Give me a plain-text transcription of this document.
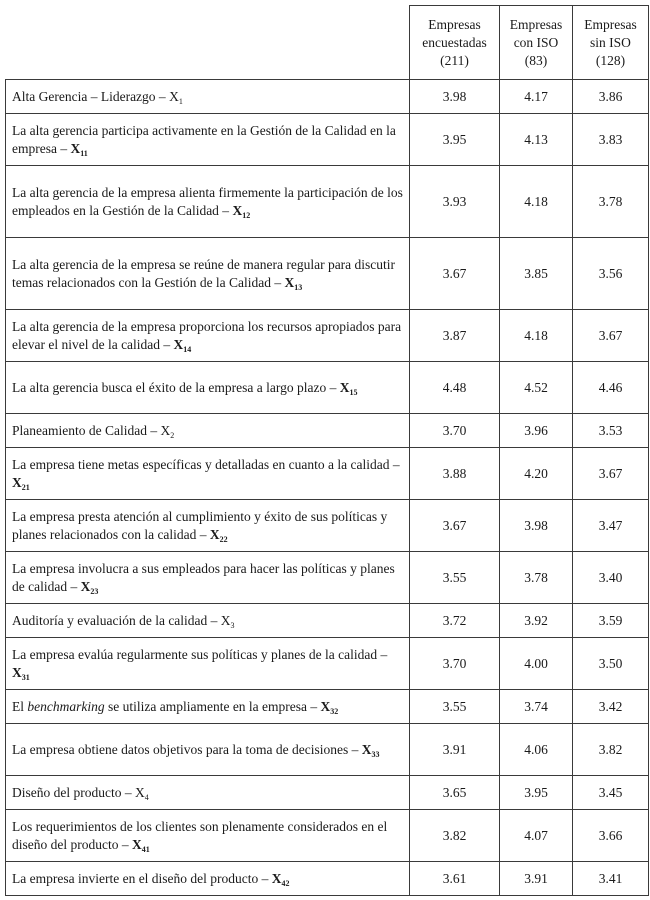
	Empresas
encuestadas
(211)	Empresas
con ISO
(83)	Empresas
sin ISO
(128)
Alta Gerencia – Liderazgo – $X_1$	3.98	4.17	3.86
La alta gerencia participa activamente en la Gestión de la Calidad en la empresa – $X_{11}$	3.95	4.13	3.83
La alta gerencia de la empresa alienta firmemente la participación de los empleados en la Gestión de la Calidad – $X_{12}$	3.93	4.18	3.78
La alta gerencia de la empresa se reúne de manera regular para discutir temas relacionados con la Gestión de la Calidad – $X_{13}$	3.67	3.85	3.56
La alta gerencia de la empresa proporciona los recursos apropiados para elevar el nivel de la calidad – $X_{14}$	3.87	4.18	3.67
La alta gerencia busca el éxito de la empresa a largo plazo – $X_{15}$	4.48	4.52	4.46
Planeamiento de Calidad – $X_2$	3.70	3.96	3.53
La empresa tiene metas específicas y detalladas en cuanto a la calidad – $X_{21}$	3.88	4.20	3.67
La empresa presta atención al cumplimiento y éxito de sus políticas y planes relacionados con la calidad – $X_{22}$	3.67	3.98	3.47
La empresa involucra a sus empleados para hacer las políticas y planes de calidad – $X_{23}$	3.55	3.78	3.40
Auditoría y evaluación de la calidad – $X_3$	3.72	3.92	3.59
La empresa evalúa regularmente sus políticas y planes de la calidad – $X_{31}$	3.70	4.00	3.50
El benchmarking se utiliza ampliamente en la empresa – $X_{32}$	3.55	3.74	3.42
La empresa obtiene datos objetivos para la toma de decisiones – $X_{33}$	3.91	4.06	3.82
Diseño del producto – $X_4$	3.65	3.95	3.45
Los requerimientos de los clientes son plenamente considerados en el diseño del producto – $X_{41}$	3.82	4.07	3.66
La empresa invierte en el diseño del producto – $X_{42}$	3.61	3.91	3.41
